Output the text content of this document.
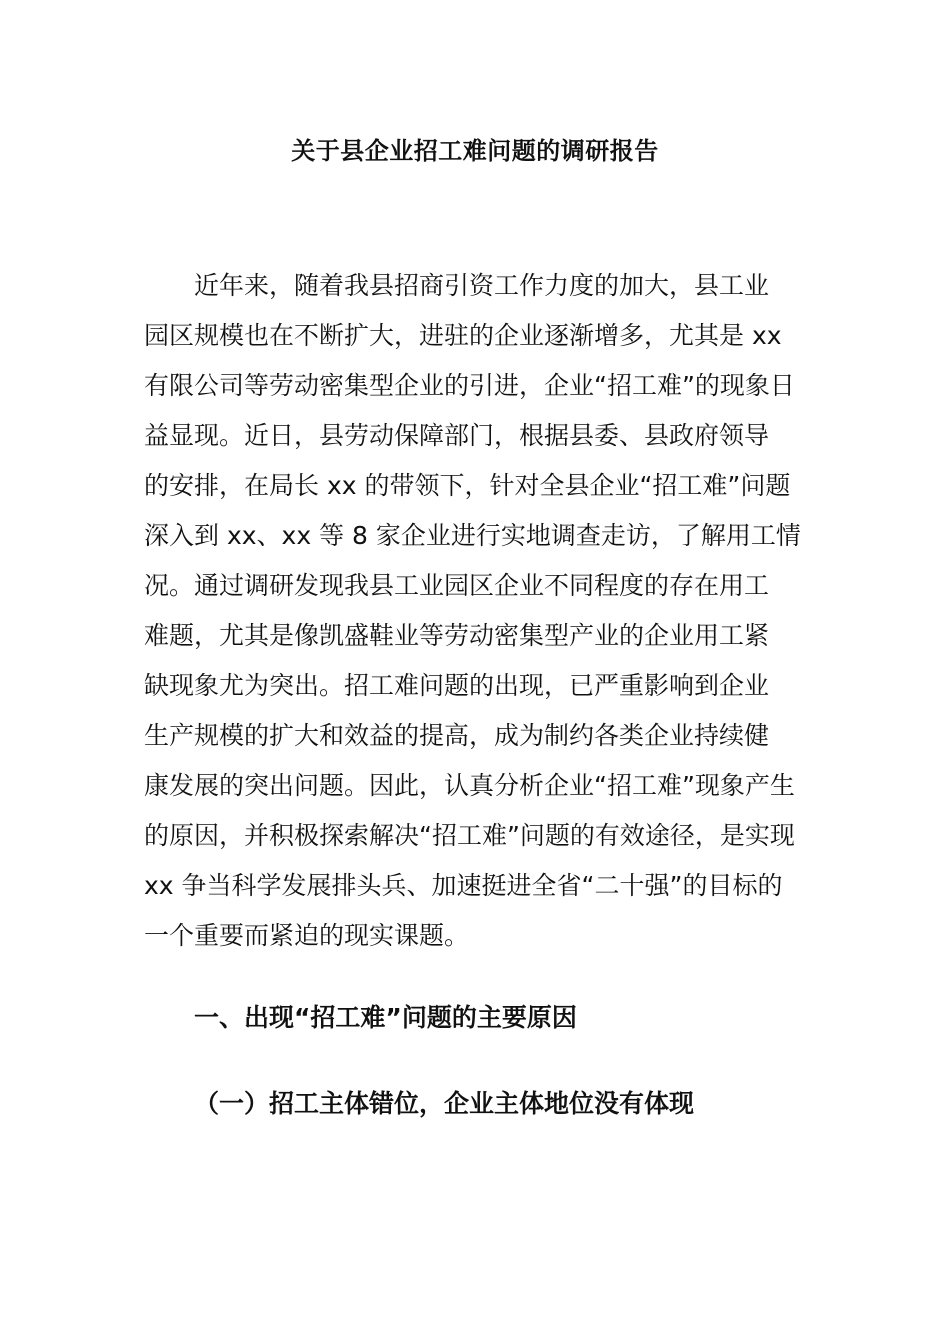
关于县企业招工难问题的调研报告
近年来，随着我县招商引资工作力度的加大，县工业
园区规模也在不断扩大，进驻的企业逐渐增多，尤其是 xx
有限公司等劳动密集型企业的引进，企业“招工难”的现象日
益显现。近日，县劳动保障部门，根据县委、县政府领导
的安排，在局长 xx 的带领下，针对全县企业“招工难”问题
深入到 xx、xx 等 8 家企业进行实地调查走访，了解用工情
况。通过调研发现我县工业园区企业不同程度的存在用工
难题，尤其是像凯盛鞋业等劳动密集型产业的企业用工紧
缺现象尤为突出。招工难问题的出现，已严重影响到企业
生产规模的扩大和效益的提高，成为制约各类企业持续健
康发展的突出问题。因此，认真分析企业“招工难”现象产生
的原因，并积极探索解决“招工难”问题的有效途径，是实现
xx 争当科学发展排头兵、加速挺进全省“二十强”的目标的
一个重要而紧迫的现实课题。
一、出现“招工难”问题的主要原因
（一）招工主体错位，企业主体地位没有体现
